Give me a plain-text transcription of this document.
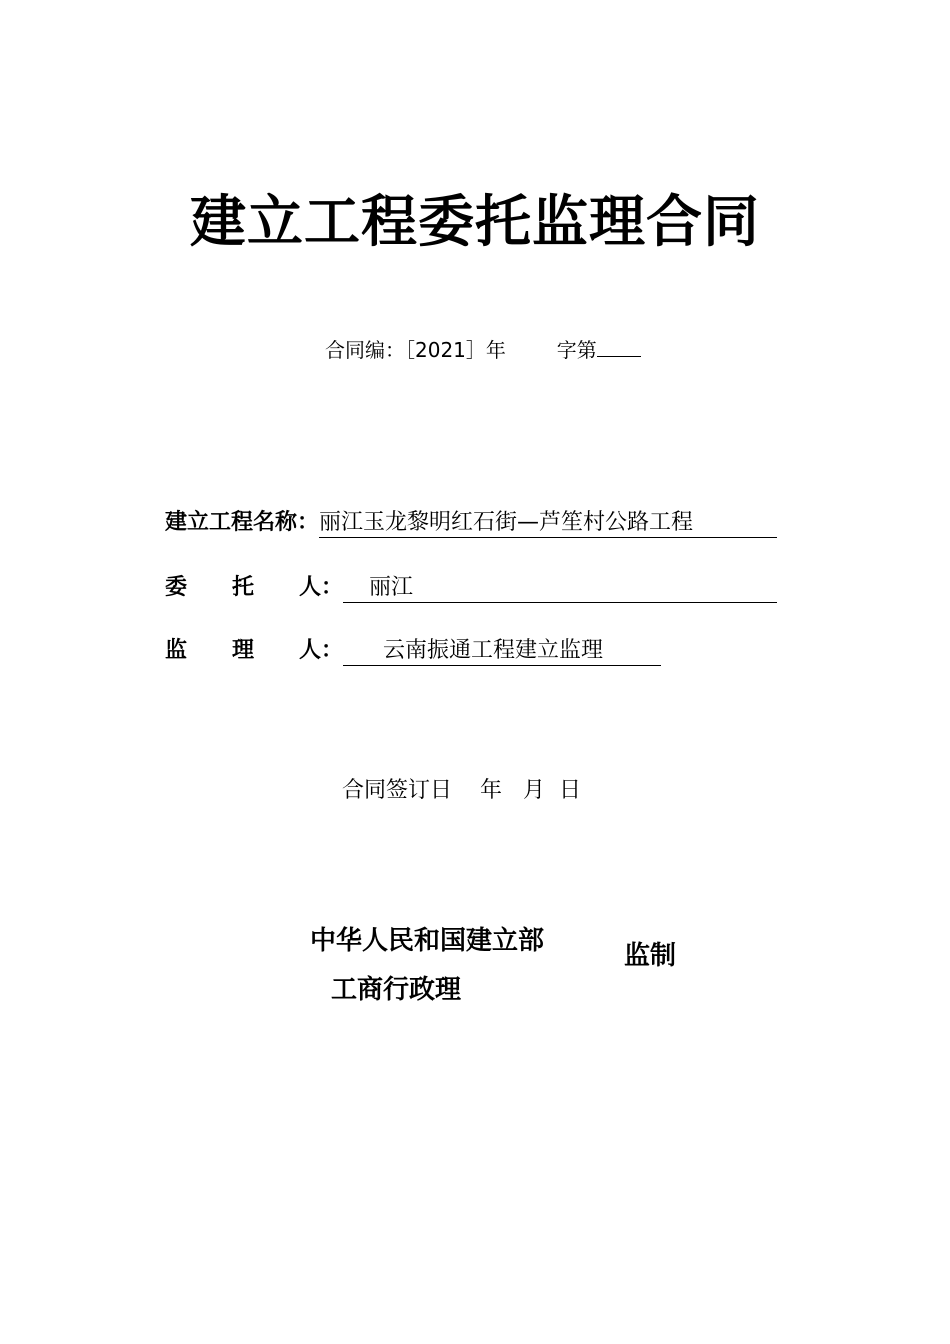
建立工程委托监理合同
合同编：［2021］年	字第
建立工程名称：丽江玉龙黎明红石街—芦笙村公路工程
委 托 人： 丽江
监 理 人： 云南振通工程建立监理
合同签订日    年   月  日
中华人民和国建立部
工商行政理
监制
